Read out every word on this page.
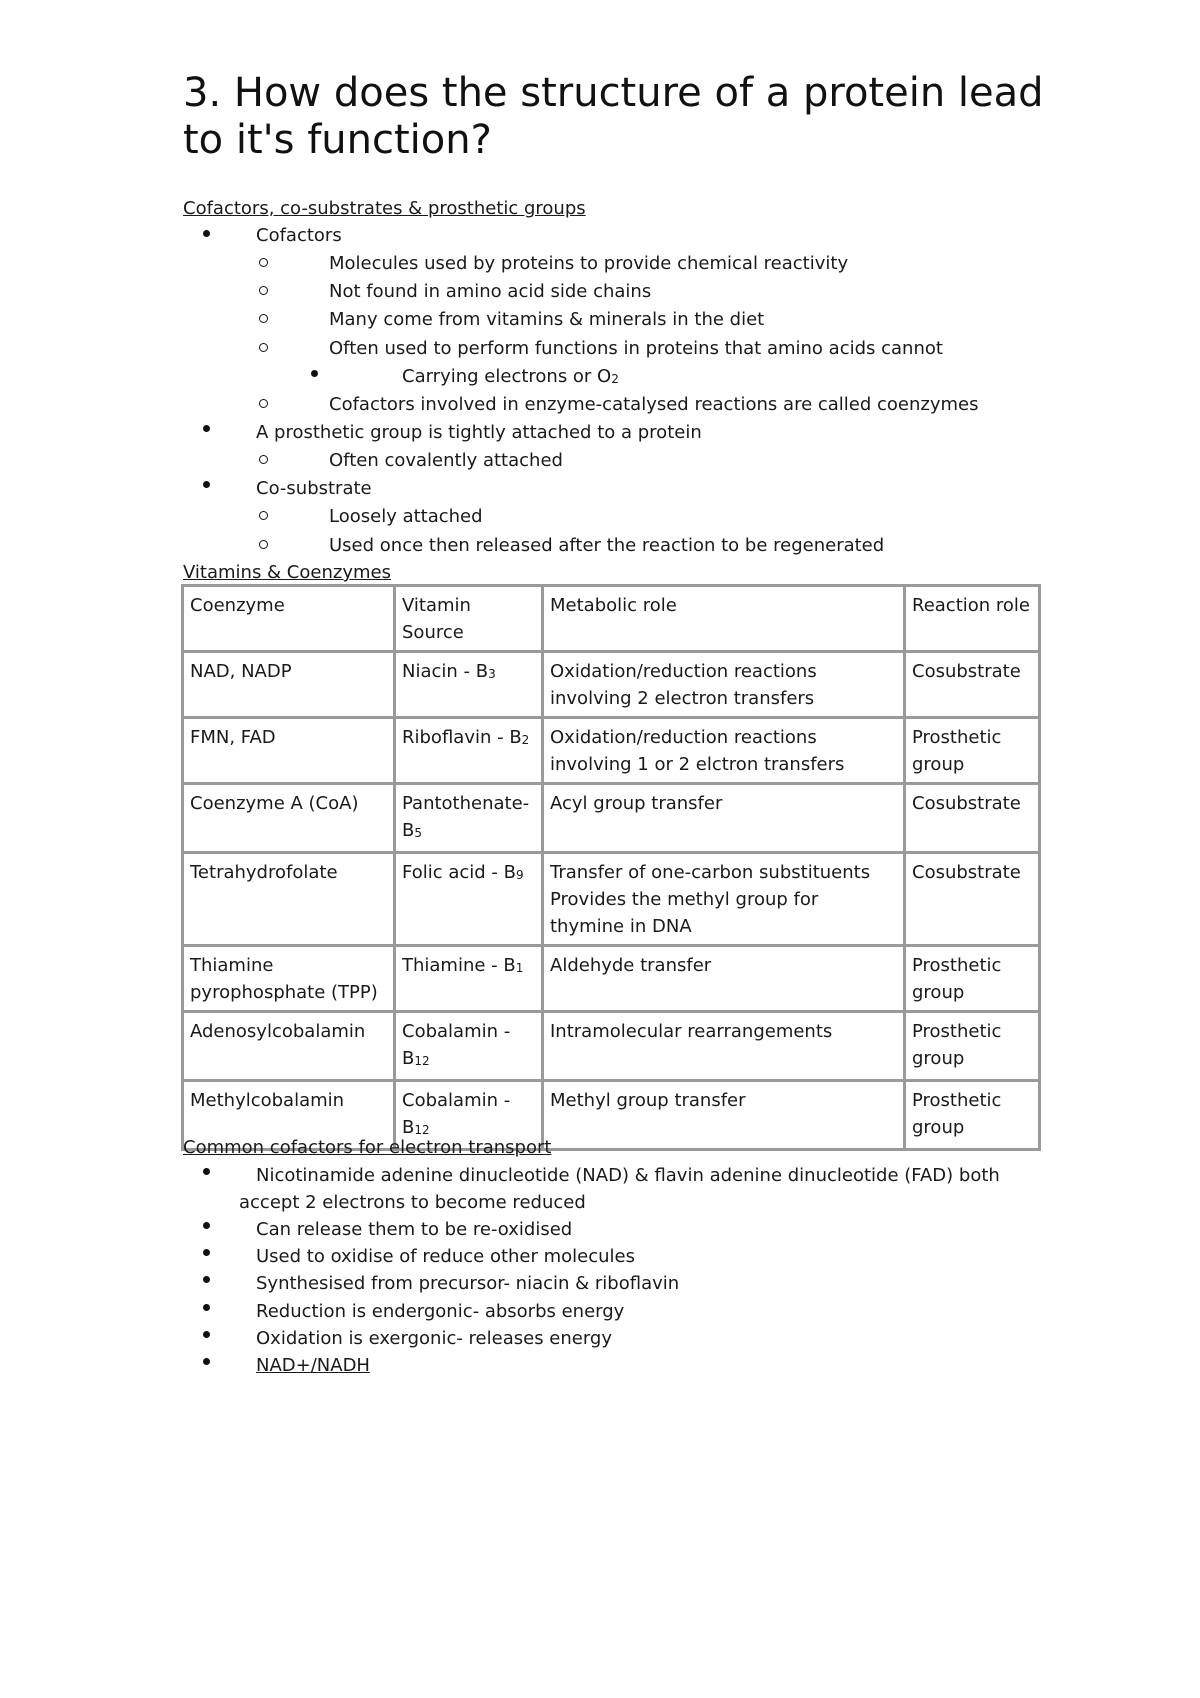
3. How does the structure of a protein lead to it's function?
Cofactors, co-substrates & prosthetic groups
Cofactors
Molecules used by proteins to provide chemical reactivity
Not found in amino acid side chains
Many come from vitamins & minerals in the diet
Often used to perform functions in proteins that amino acids cannot
Carrying electrons or $O_2$
Cofactors involved in enzyme-catalysed reactions are called coenzymes
A prosthetic group is tightly attached to a protein
Often covalently attached
Co-substrate
Loosely attached
Used once then released after the reaction to be regenerated
Vitamins & Coenzymes
Coenzyme	Vitamin Source	Metabolic role	Reaction role
NAD, NADP	Niacin - $B_3$	Oxidation/reduction reactions involving 2 electron transfers	Cosubstrate
FMN, FAD	Riboflavin - $B_2$	Oxidation/reduction reactions involving 1 or 2 elctron transfers	Prosthetic group
Coenzyme A (CoA)	Pantothenate- $B_5$	Acyl group transfer	Cosubstrate
Tetrahydrofolate	Folic acid - $B_9$	Transfer of one-carbon substituents Provides the methyl group for thymine in DNA	Cosubstrate
Thiamine pyrophosphate (TPP)	Thiamine - $B_1$	Aldehyde transfer	Prosthetic group
Adenosylcobalamin	Cobalamin - $B_{12}$	Intramolecular rearrangements	Prosthetic group
Methylcobalamin	Cobalamin - $B_{12}$	Methyl group transfer	Prosthetic group
Common cofactors for electron transport
Nicotinamide adenine dinucleotide (NAD) & flavin adenine dinucleotide (FAD) both
accept 2 electrons to become reduced
Can release them to be re-oxidised
Used to oxidise of reduce other molecules
Synthesised from precursor- niacin & riboflavin
Reduction is endergonic- absorbs energy
Oxidation is exergonic- releases energy
NAD+/NADH
